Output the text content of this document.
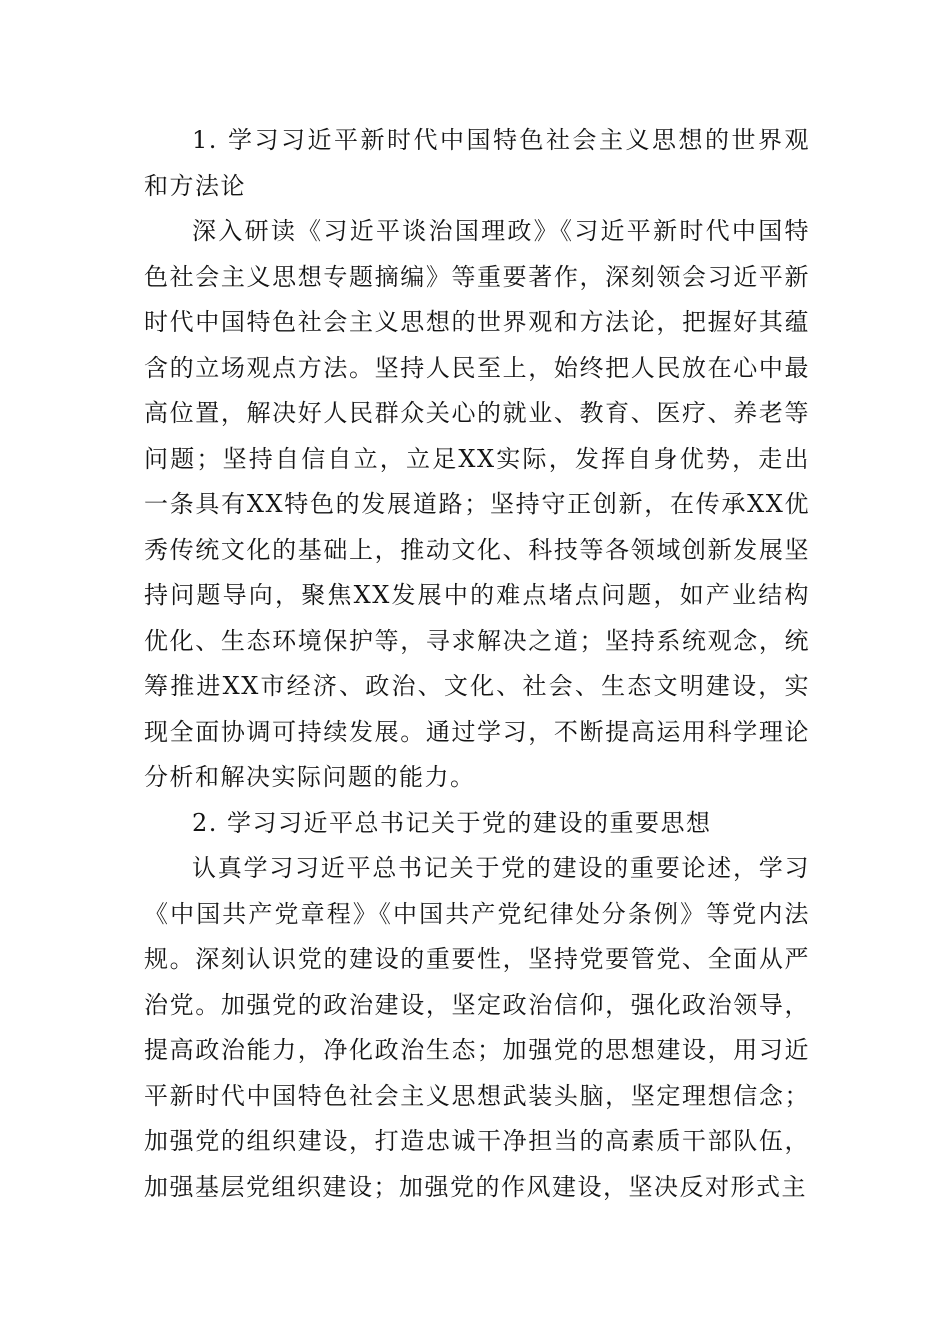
1. 学习习近平新时代中国特色社会主义思想的世界观和方法论

深入研读《习近平谈治国理政》《习近平新时代中国特色社会主义思想专题摘编》等重要著作，深刻领会习近平新时代中国特色社会主义思想的世界观和方法论，把握好其蕴含的立场观点方法。坚持人民至上，始终把人民放在心中最高位置，解决好人民群众关心的就业、教育、医疗、养老等问题；坚持自信自立，立足XX实际，发挥自身优势，走出一条具有XX特色的发展道路；坚持守正创新，在传承XX优秀传统文化的基础上，推动文化、科技等各领域创新发展坚持问题导向，聚焦XX发展中的难点堵点问题，如产业结构优化、生态环境保护等，寻求解决之道；坚持系统观念，统筹推进XX市经济、政治、文化、社会、生态文明建设，实现全面协调可持续发展。通过学习，不断提高运用科学理论分析和解决实际问题的能力。

2. 学习习近平总书记关于党的建设的重要思想

认真学习习近平总书记关于党的建设的重要论述，学习《中国共产党章程》《中国共产党纪律处分条例》等党内法规。深刻认识党的建设的重要性，坚持党要管党、全面从严治党。加强党的政治建设，坚定政治信仰，强化政治领导，提高政治能力，净化政治生态；加强党的思想建设，用习近平新时代中国特色社会主义思想武装头脑，坚定理想信念；加强党的组织建设，打造忠诚干净担当的高素质干部队伍，加强基层党组织建设；加强党的作风建设，坚决反对形式主
